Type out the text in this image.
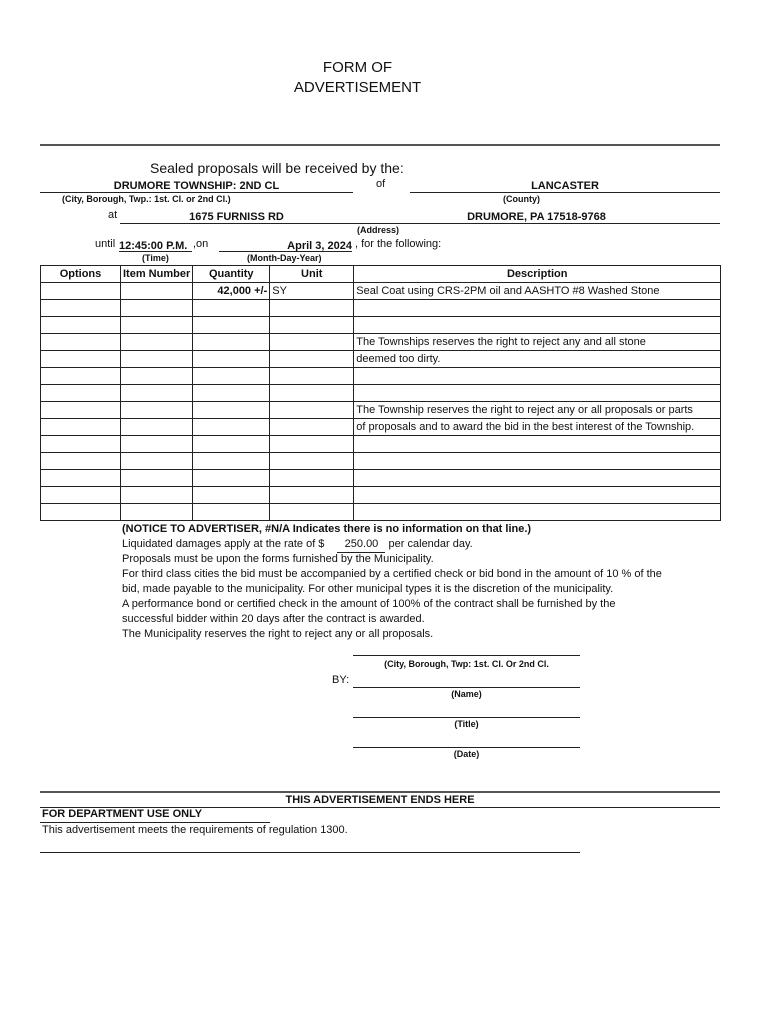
FORM OF
ADVERTISEMENT
Sealed proposals will be received by the:
DRUMORE TOWNSHIP: 2ND CL	of	LANCASTER
(City, Borough, Twp.: 1st. Cl. or 2nd Cl.)	(County)
at	1675 FURNISS RD	DRUMORE, PA 17518-9768
(Address)
until 12:45:00 P.M. ,on	April 3, 2024 , for the following:
(Time)	(Month-Day-Year)
Options	Item Number	Quantity	Unit	Description
		42,000 +/-	SY	Seal Coat using CRS-2PM oil and AASHTO #8 Washed Stone

				The Townships reserves the right to reject any and all stone
				deemed too dirty.

				The Township reserves the right to reject any or all proposals or parts
				of proposals and to award the bid in the best interest of the Township.

(NOTICE TO ADVERTISER, #N/A Indicates there is no information on that line.)
Liquidated damages apply at the rate of $ 250.00 per calendar day.
Proposals must be upon the forms furnished by the Municipality.
For third class cities the bid must be accompanied by a certified check or bid bond in the amount of 10 % of the
bid, made payable to the municipality. For other municipal types it is the discretion of the municipality.
A performance bond or certified check in the amount of 100% of the contract shall be furnished by the
successful bidder within 20 days after the contract is awarded.
The Municipality reserves the right to reject any or all proposals.
(City, Borough, Twp: 1st. Cl. Or 2nd Cl.
BY:
(Name)
(Title)
(Date)
THIS ADVERTISEMENT ENDS HERE
FOR DEPARTMENT USE ONLY
This advertisement meets the requirements of regulation 1300.
